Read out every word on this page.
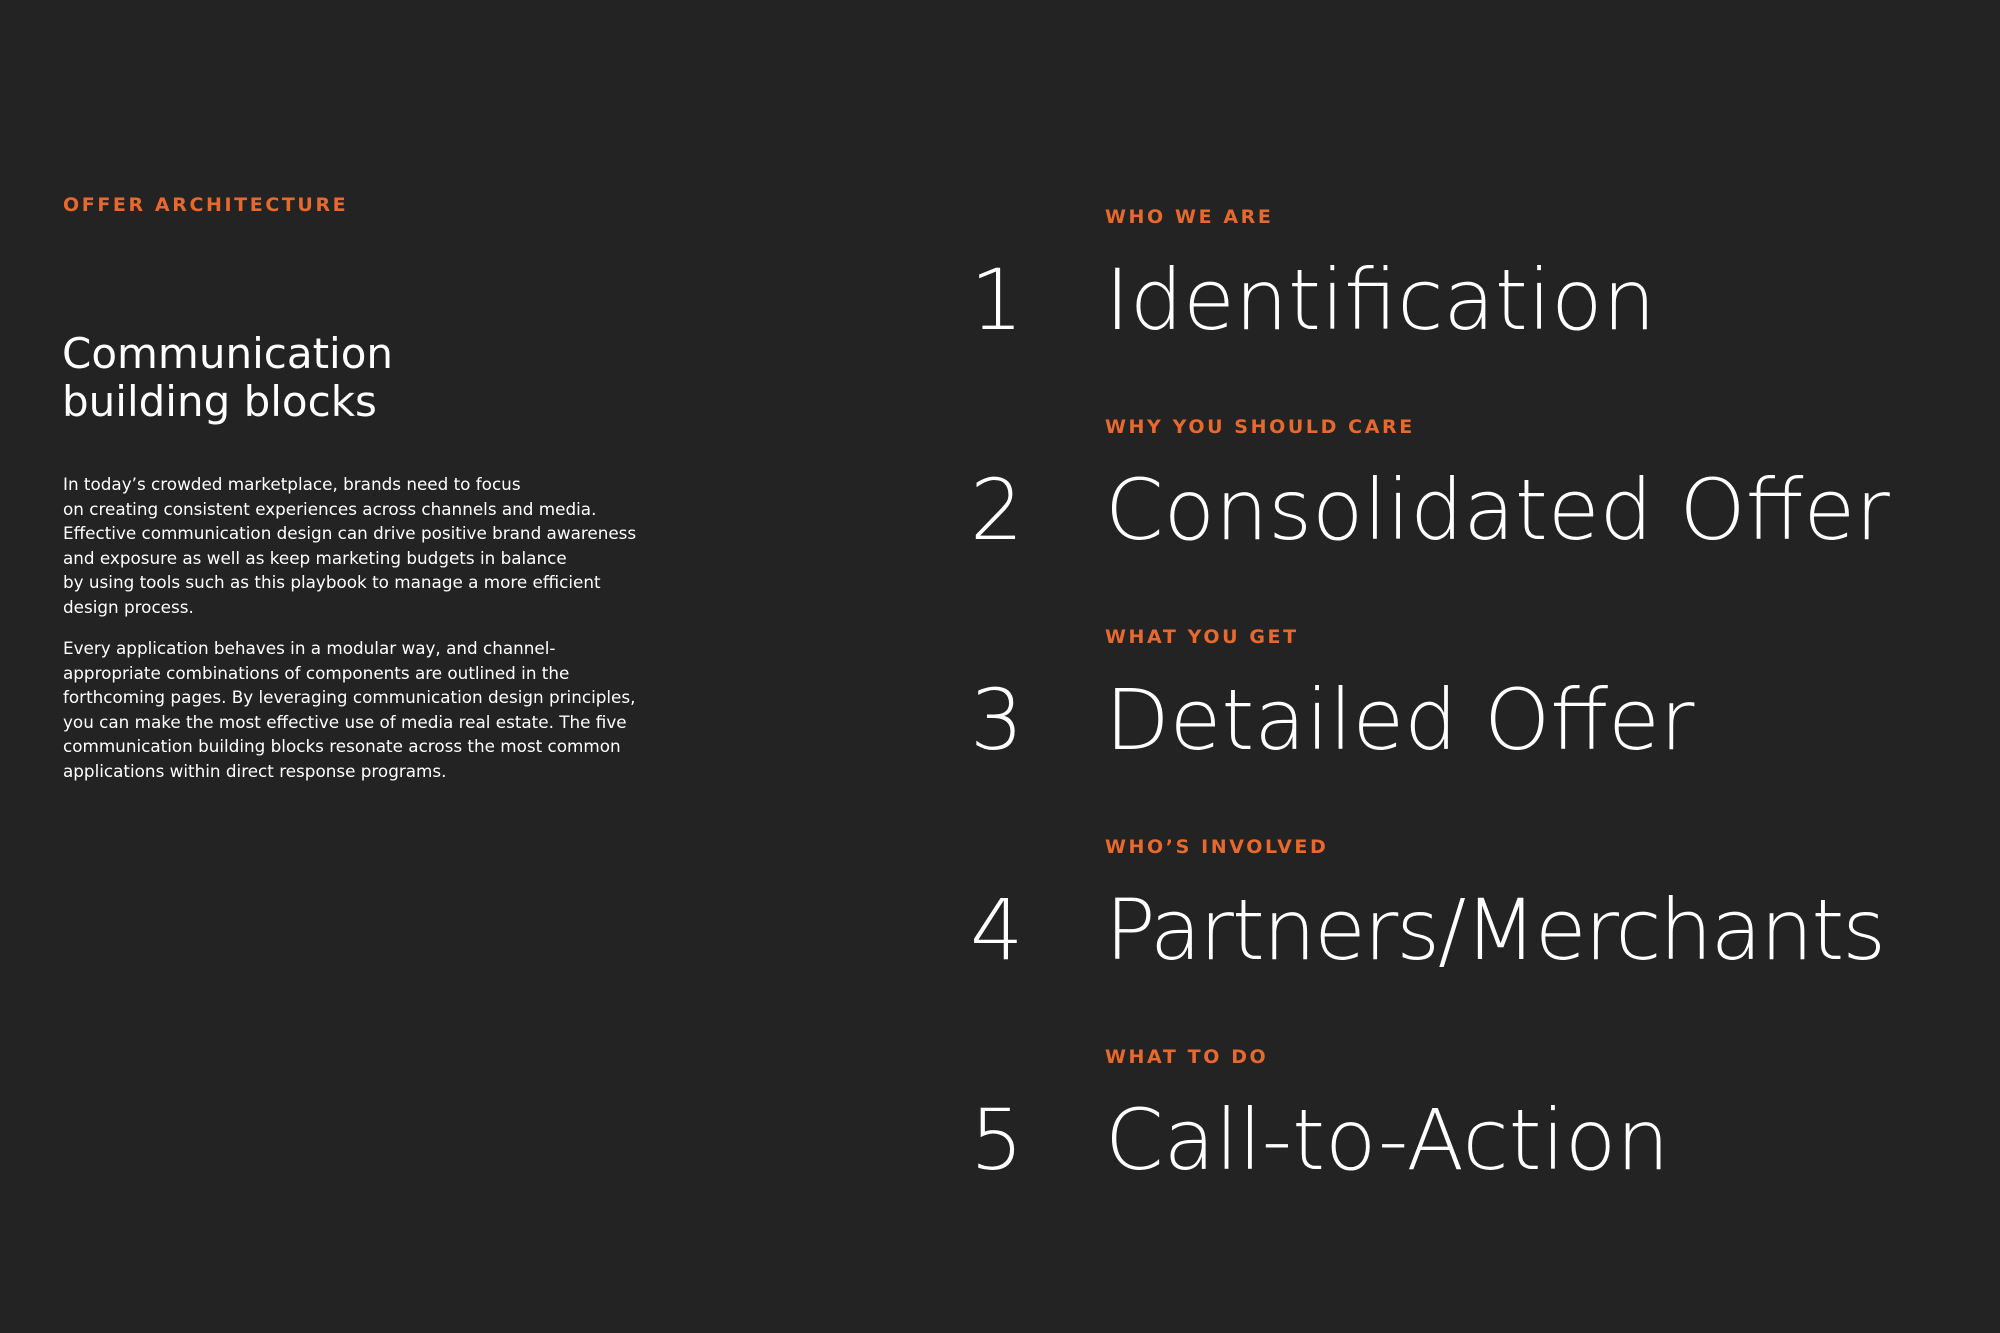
OFFER ARCHITECTURE
Communication
building blocks

In today’s crowded marketplace, brands need to focus
on creating consistent experiences across channels and media.
Effective communication design can drive positive brand awareness
and exposure as well as keep marketing budgets in balance
by using tools such as this playbook to manage a more efficient
design process.

Every application behaves in a modular way, and channel-
appropriate combinations of components are outlined in the
forthcoming pages. By leveraging communication design principles,
you can make the most effective use of media real estate. The five
communication building blocks resonate across the most common
applications within direct response programs.

WHO WE ARE
1 Identification
WHY YOU SHOULD CARE
2 Consolidated Offer
WHAT YOU GET
3 Detailed Offer
WHO’S INVOLVED
4 Partners/Merchants
WHAT TO DO
5 Call-to-Action
